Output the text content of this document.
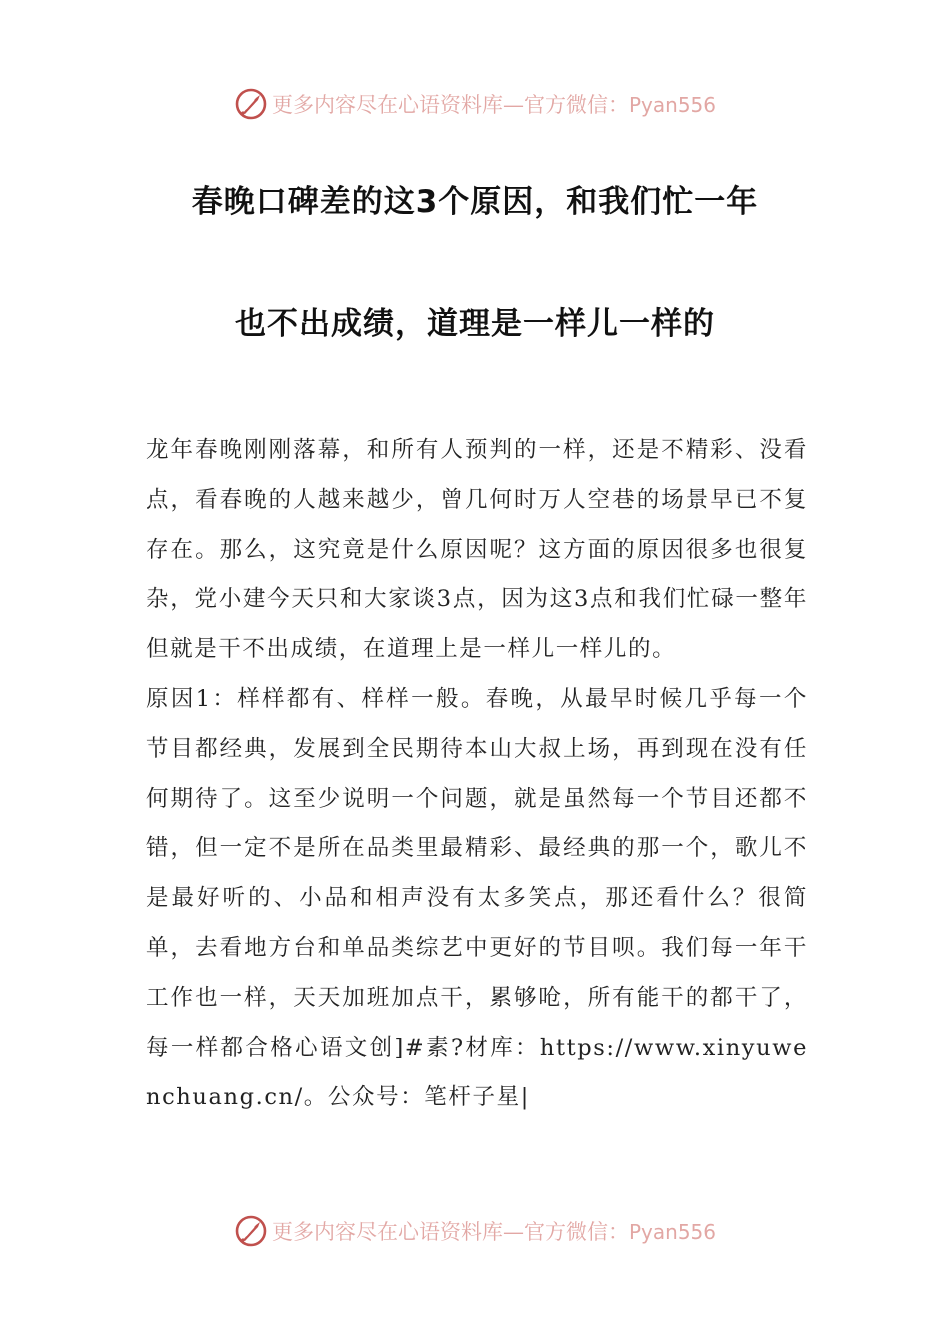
更多内容尽在心语资料库—官方微信：Pyan556
春晚口碑差的这3个原因，和我们忙一年
也不出成绩，道理是一样儿一样的

龙年春晚刚刚落幕，和所有人预判的一样，还是不精彩、没看点，看春晚的人越来越少，曾几何时万人空巷的场景早已不复存在。那么，这究竟是什么原因呢？这方面的原因很多也很复杂，党小建今天只和大家谈3点，因为这3点和我们忙碌一整年但就是干不出成绩，在道理上是一样儿一样儿的。

原因1：样样都有、样样一般。春晚，从最早时候几乎每一个节目都经典，发展到全民期待本山大叔上场，再到现在没有任何期待了。这至少说明一个问题，就是虽然每一个节目还都不错，但一定不是所在品类里最精彩、最经典的那一个，歌儿不是最好听的、小品和相声没有太多笑点，那还看什么？很简单，去看地方台和单品类综艺中更好的节目呗。我们每一年干工作也一样，天天加班加点干，累够呛，所有能干的都干了，每一样都合格心语文创]#素?材库：https://www.xinyuwenchuang.cn/。公众号：笔杆子星|

更多内容尽在心语资料库—官方微信：Pyan556
